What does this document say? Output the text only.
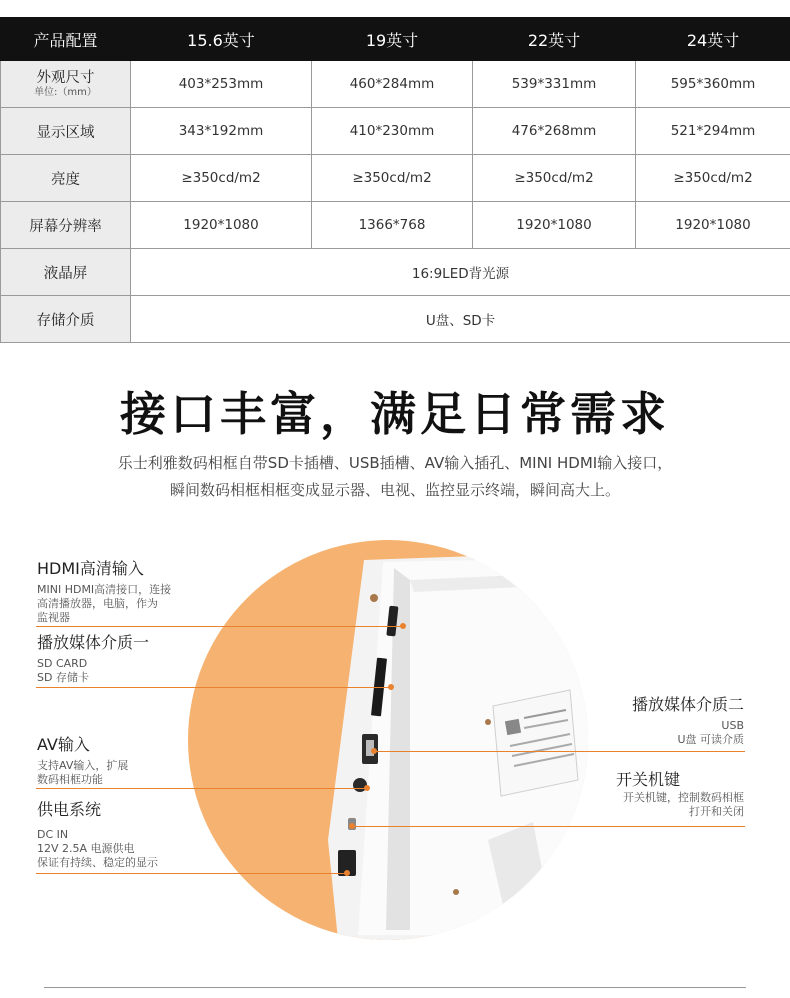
产品配置	15.6英寸	19英寸	22英寸	24英寸

外观尺寸
单位:（mm）	403*253mm	460*284mm	539*331mm	595*360mm
显示区域	343*192mm	410*230mm	476*268mm	521*294mm
亮度	≥350cd/m2	≥350cd/m2	≥350cd/m2	≥350cd/m2
屏幕分辨率	1920*1080	1366*768	1920*1080	1920*1080
液晶屏	16:9LED背光源			
存储介质	U盘、SD卡			
接口丰富，满足日常需求

乐士利雅数码相框自带SD卡插槽、USB插槽、AV输入插孔、MINI HDMI输入接口，

瞬间数码相框相框变成显示器、电视、监控显示终端，瞬间高大上。

HDMI高清输入
MINI HDMI高清接口，连接
高清播放器，电脑，作为
监视器
播放媒体介质一
SD CARD
SD 存储卡
AV输入
支持AV输入，扩展
数码相框功能
供电系统
DC IN
12V 2.5A 电源供电
保证有持续、稳定的显示
播放媒体介质二
USB
U盘 可读介质
开关机键
开关机键，控制数码相框
打开和关闭
